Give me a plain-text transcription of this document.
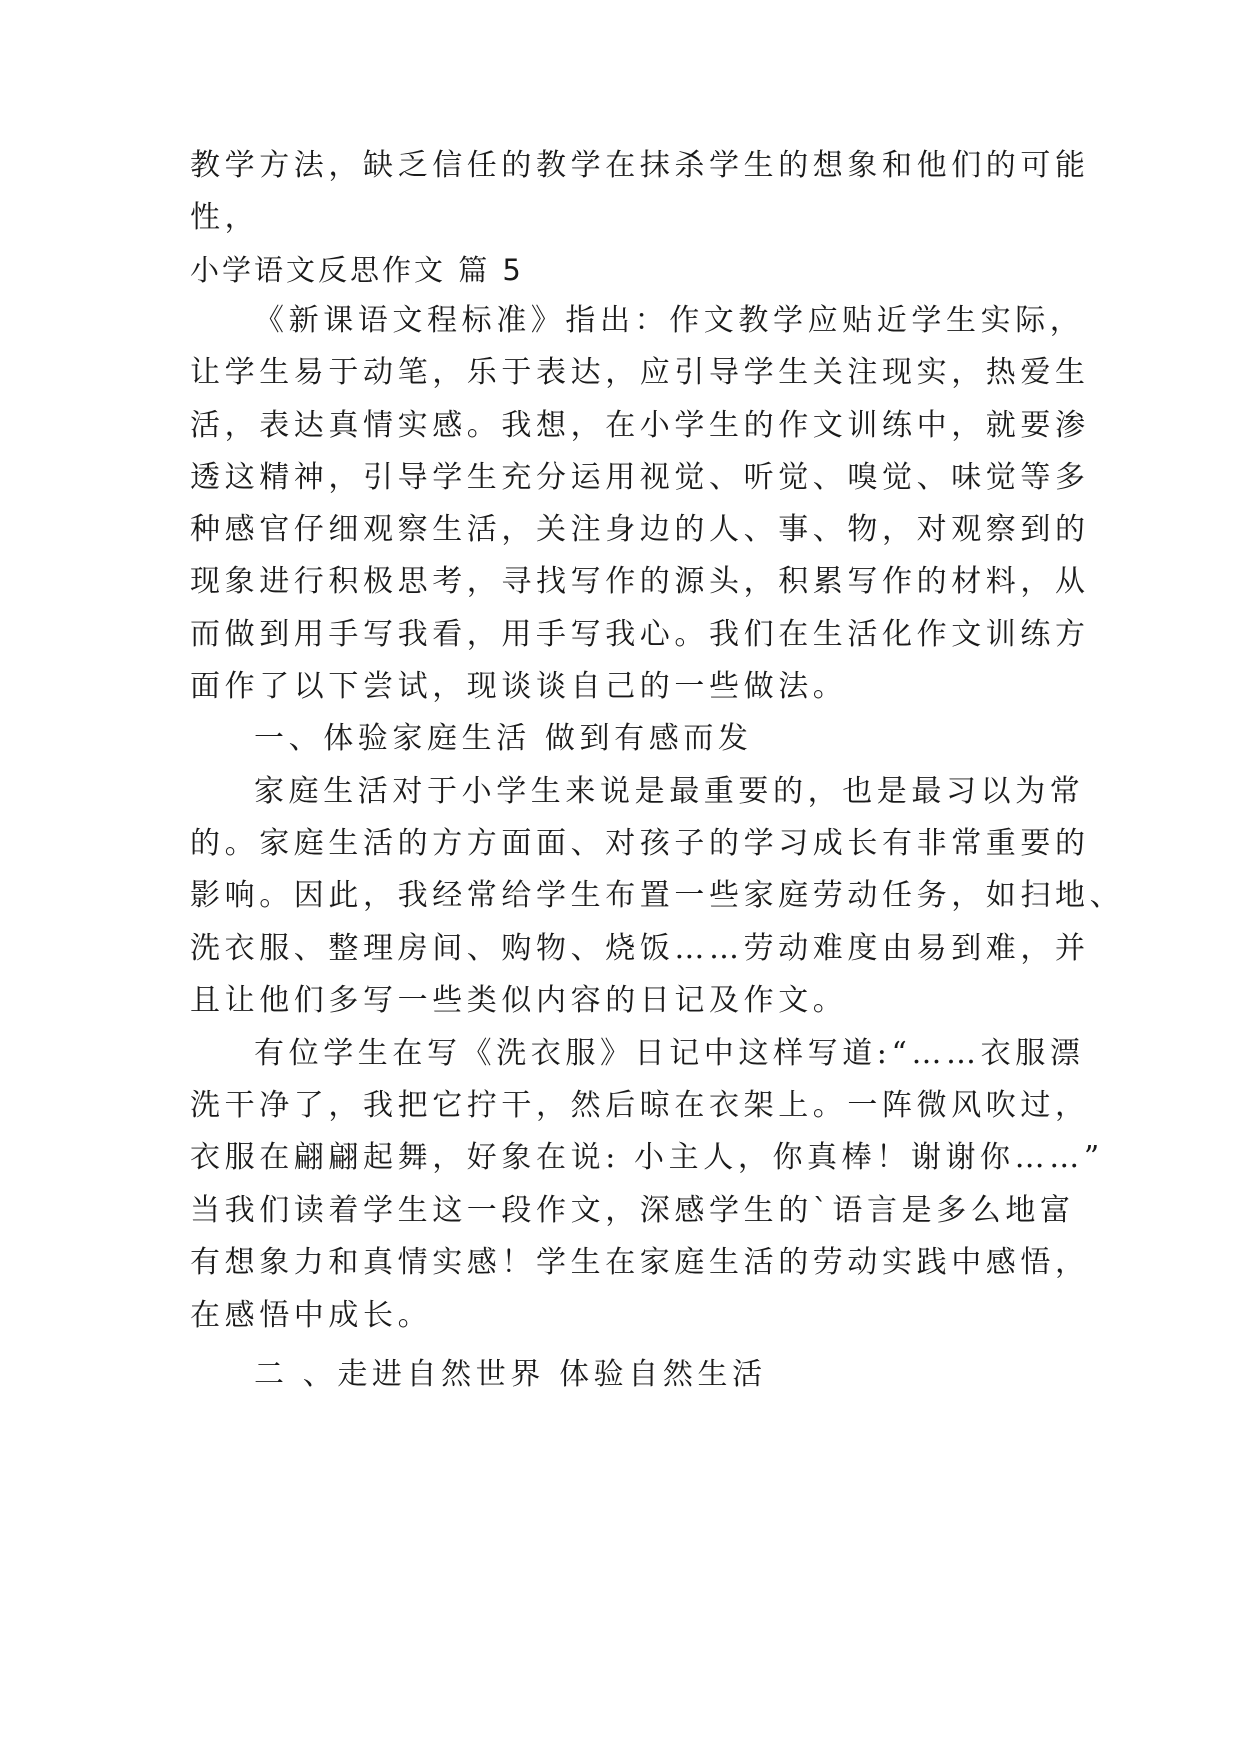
教学方法，缺乏信任的教学在抹杀学生的想象和他们的可能
性，
小学语文反思作文 篇 5
《新课语文程标准》指出：作文教学应贴近学生实际，
让学生易于动笔，乐于表达，应引导学生关注现实，热爱生
活，表达真情实感。我想，在小学生的作文训练中，就要渗
透这精神，引导学生充分运用视觉、听觉、嗅觉、味觉等多
种感官仔细观察生活，关注身边的人、事、物，对观察到的
现象进行积极思考，寻找写作的源头，积累写作的材料，从
而做到用手写我看，用手写我心。我们在生活化作文训练方
面作了以下尝试，现谈谈自己的一些做法。
一、体验家庭生活 做到有感而发
家庭生活对于小学生来说是最重要的，也是最习以为常
的。家庭生活的方方面面、对孩子的学习成长有非常重要的
影响。因此，我经常给学生布置一些家庭劳动任务，如扫地、
洗衣服、整理房间、购物、烧饭……劳动难度由易到难，并
且让他们多写一些类似内容的日记及作文。
有位学生在写《洗衣服》日记中这样写道:“……衣服漂
洗干净了，我把它拧干，然后晾在衣架上。一阵微风吹过，
衣服在翩翩起舞，好象在说: 小主人，你真棒！谢谢你……”
当我们读着学生这一段作文，深感学生的`语言是多么地富
有想象力和真情实感！学生在家庭生活的劳动实践中感悟，
在感悟中成长。
二 、走进自然世界 体验自然生活
